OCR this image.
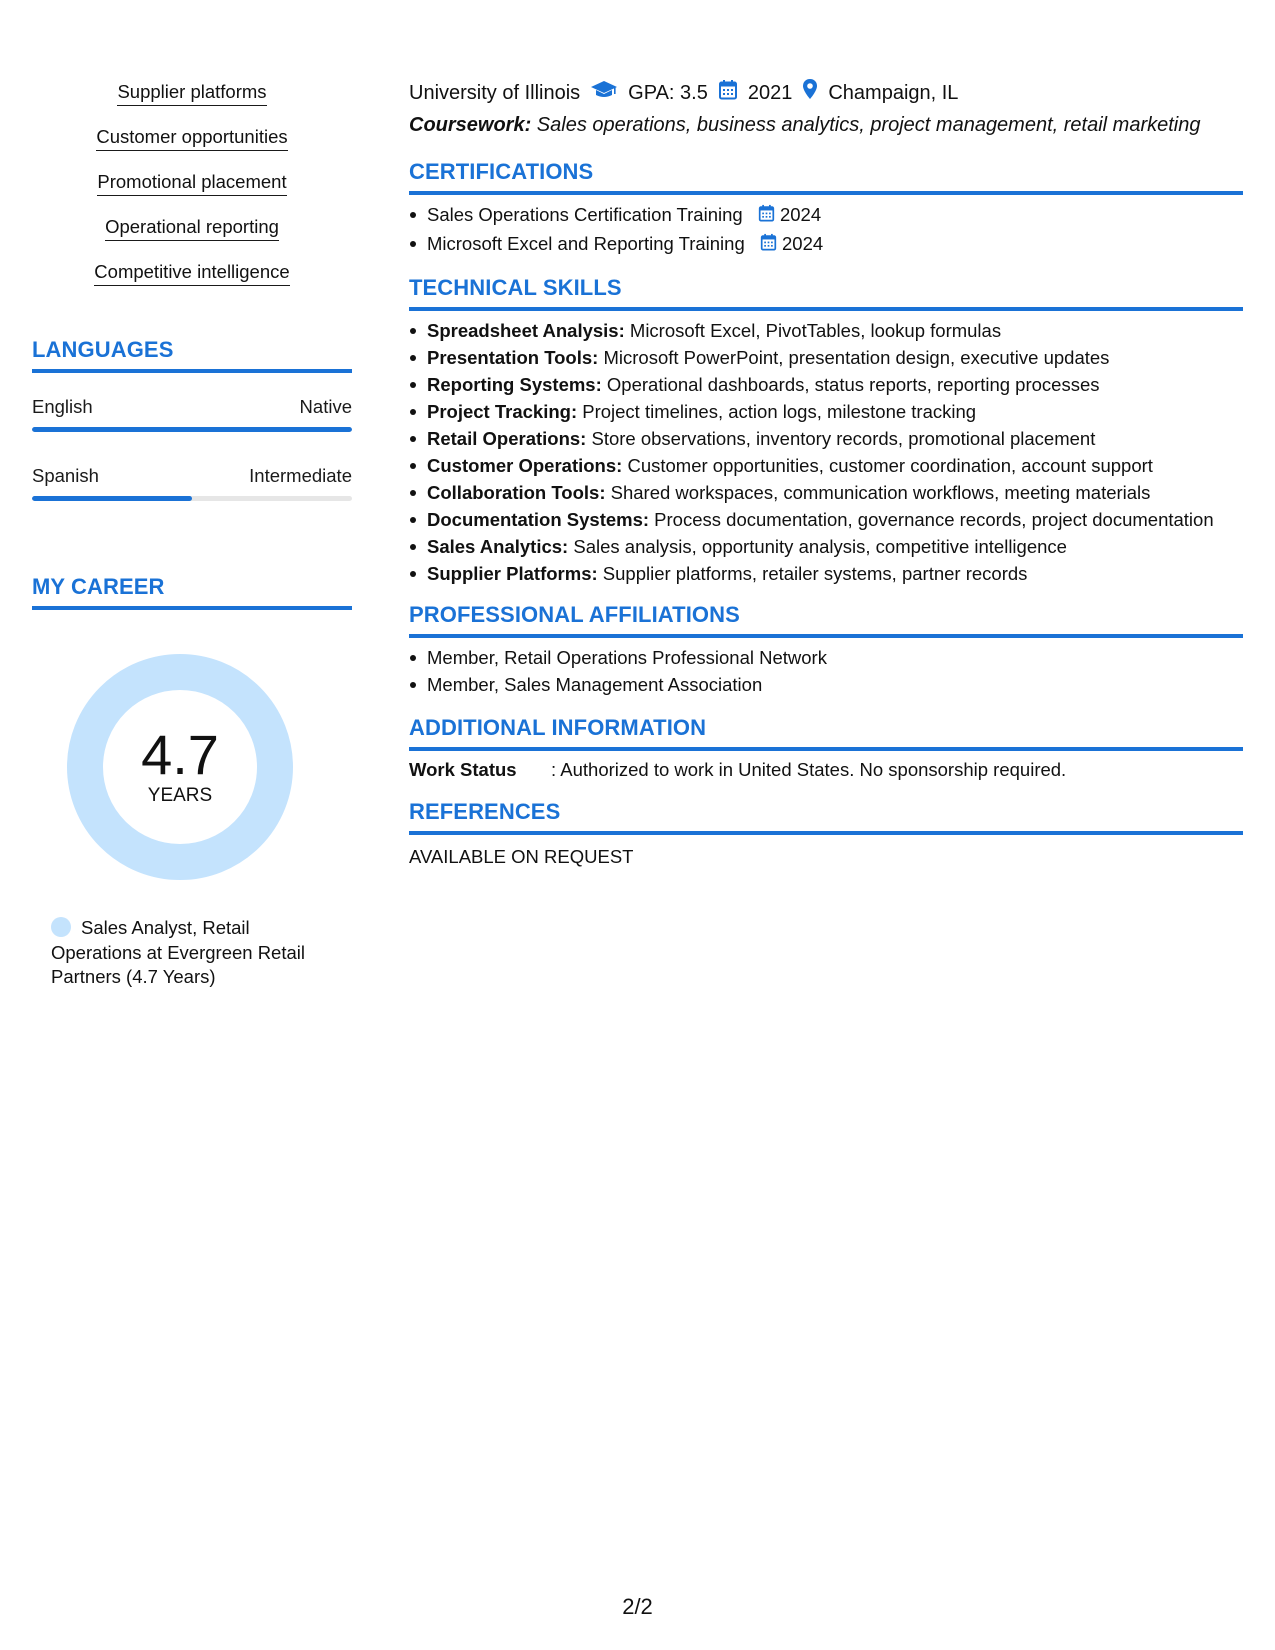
Supplier platforms
Customer opportunities
Promotional placement
Operational reporting
Competitive intelligence
LANGUAGES
English	Native
Spanish	Intermediate
MY CAREER
4.7
YEARS
Sales Analyst, Retail Operations at Evergreen Retail Partners (4.7 Years)
University of Illinois GPA: 3.5 2021 Champaign, IL
Coursework: Sales operations, business analytics, project management, retail marketing
CERTIFICATIONS
Sales Operations Certification Training 2024
Microsoft Excel and Reporting Training 2024
TECHNICAL SKILLS
Spreadsheet Analysis: Microsoft Excel, PivotTables, lookup formulas
Presentation Tools: Microsoft PowerPoint, presentation design, executive updates
Reporting Systems: Operational dashboards, status reports, reporting processes
Project Tracking: Project timelines, action logs, milestone tracking
Retail Operations: Store observations, inventory records, promotional placement
Customer Operations: Customer opportunities, customer coordination, account support
Collaboration Tools: Shared workspaces, communication workflows, meeting materials
Documentation Systems: Process documentation, governance records, project documentation
Sales Analytics: Sales analysis, opportunity analysis, competitive intelligence
Supplier Platforms: Supplier platforms, retailer systems, partner records
PROFESSIONAL AFFILIATIONS
Member, Retail Operations Professional Network
Member, Sales Management Association
ADDITIONAL INFORMATION
Work Status	: Authorized to work in United States. No sponsorship required.
REFERENCES
AVAILABLE ON REQUEST
2/2
